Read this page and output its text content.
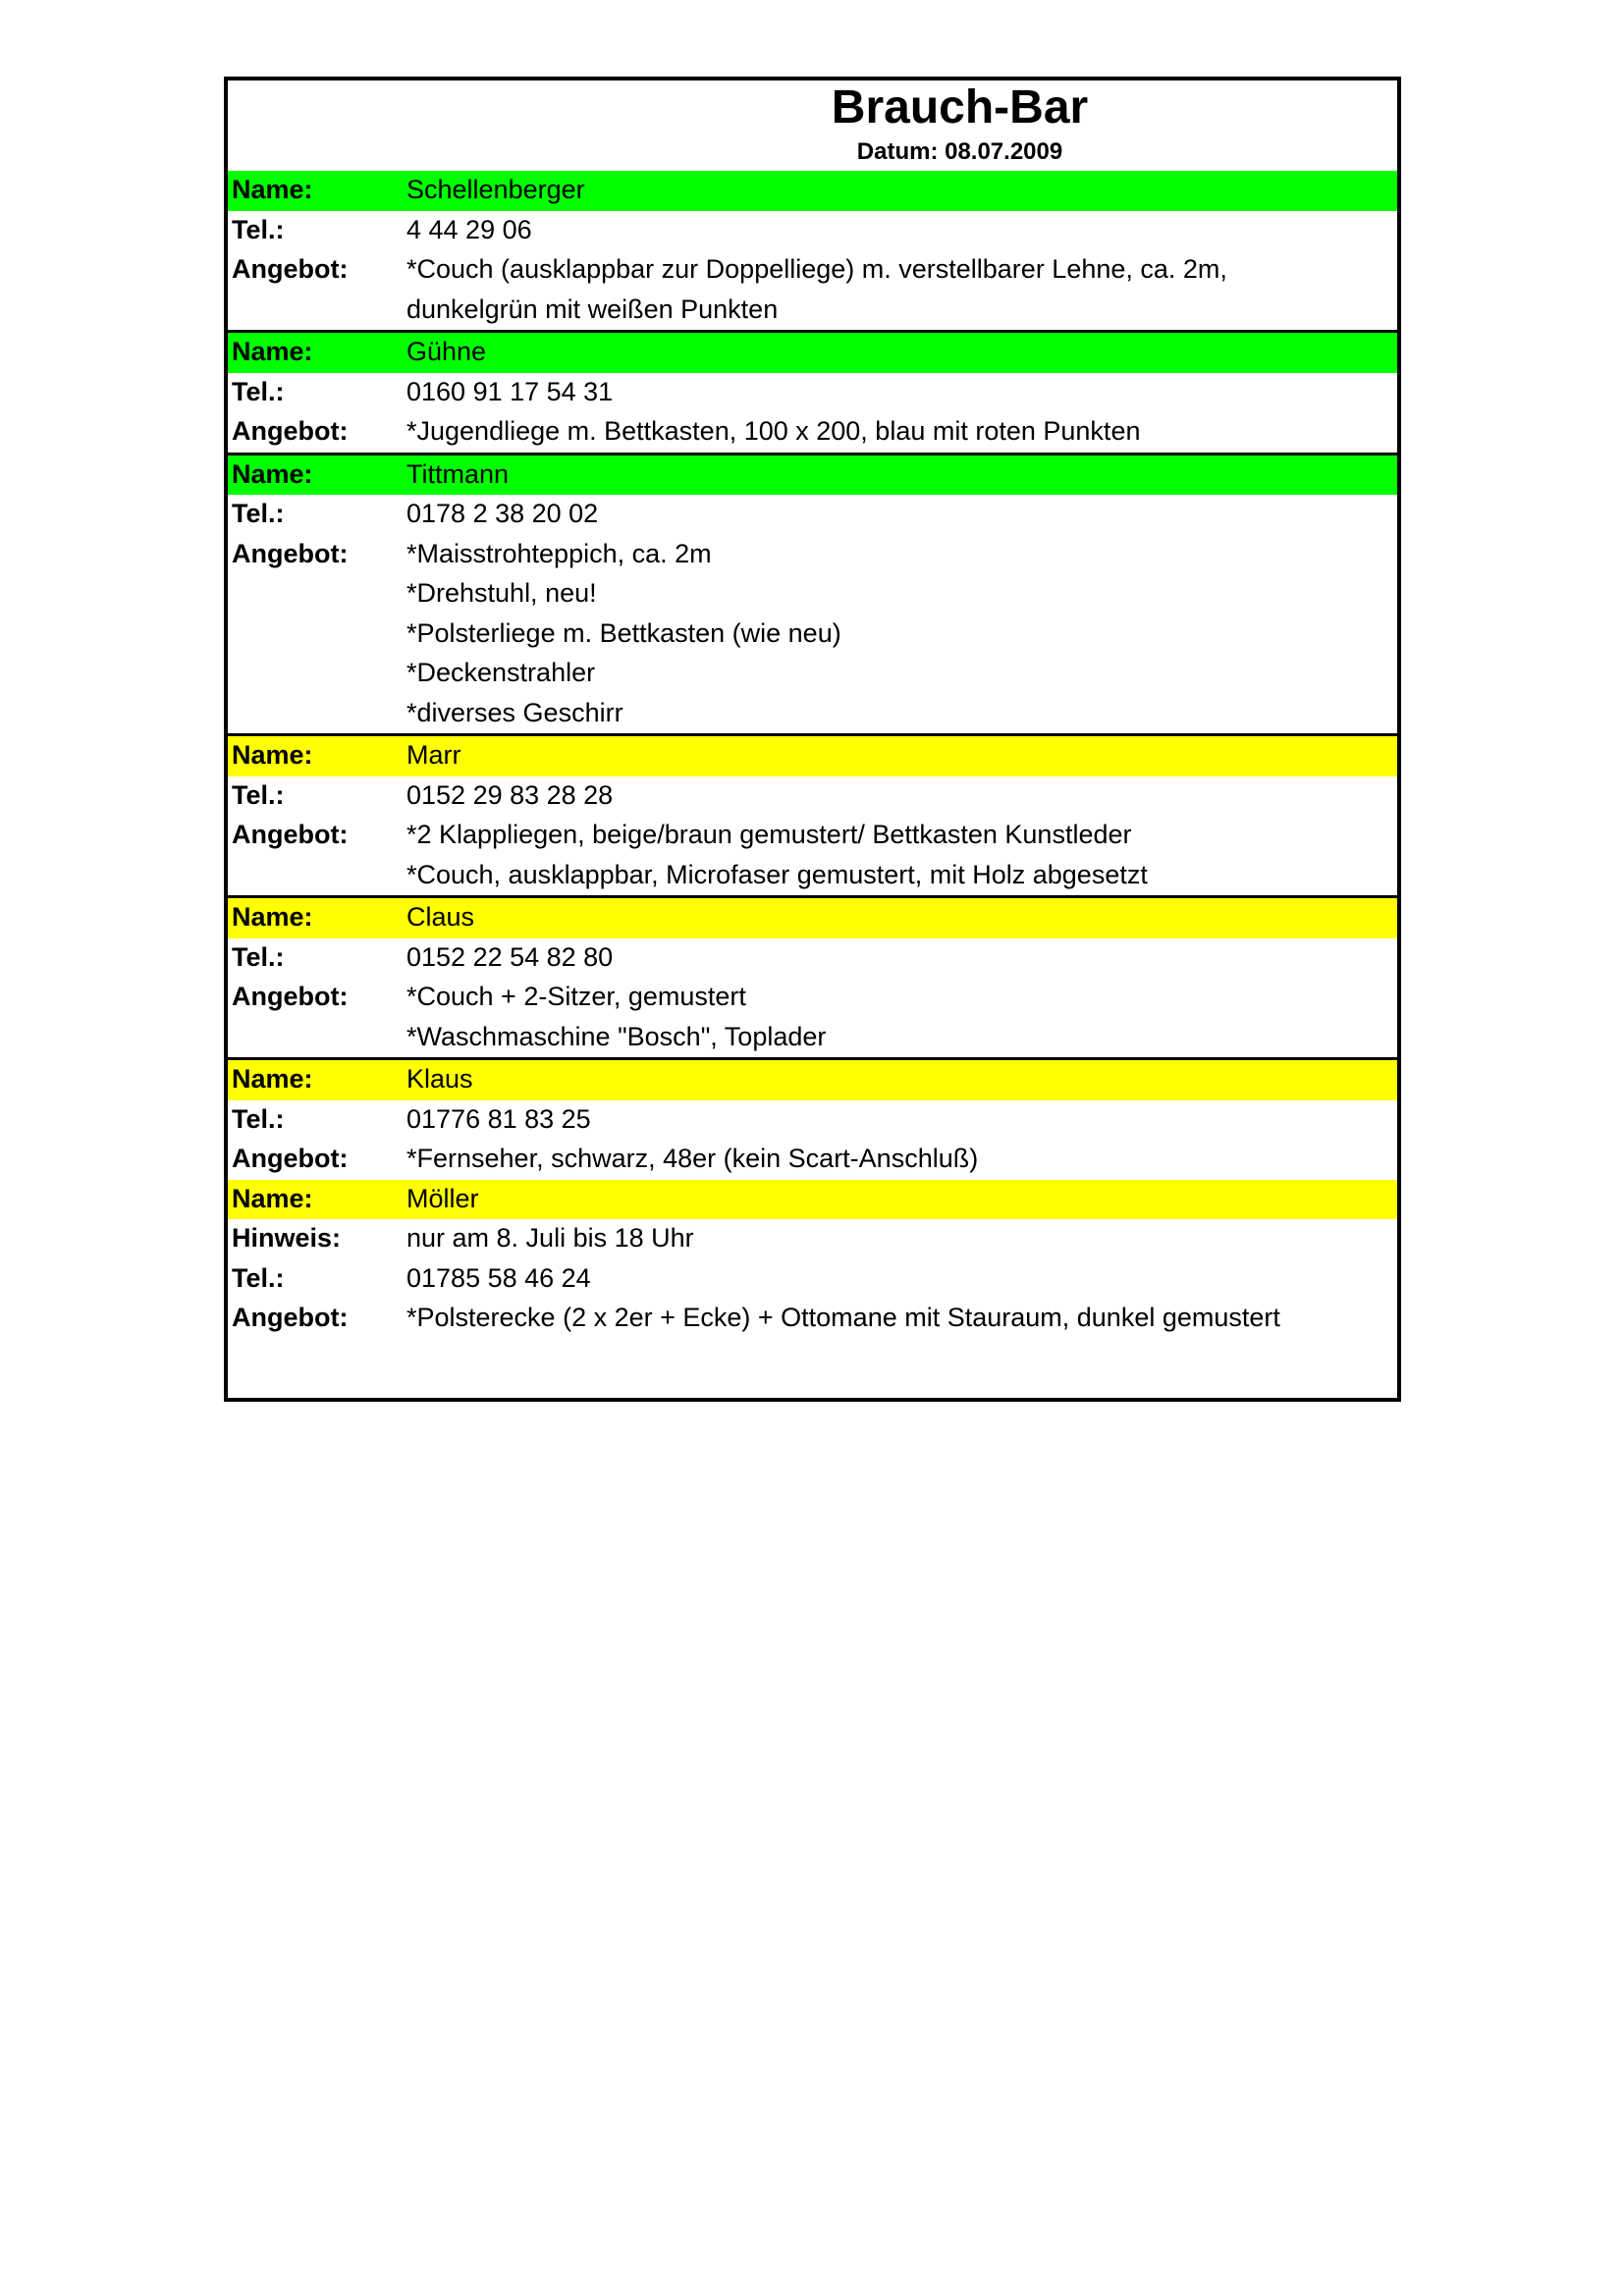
Brauch-Bar
Datum: 08.07.2009
Name:	Schellenberger
Tel.:	4 44 29 06
Angebot:	*Couch (ausklappbar zur Doppelliege) m. verstellbarer Lehne, ca. 2m,
dunkelgrün mit weißen Punkten
Name:	Gühne
Tel.:	0160 91 17 54 31
Angebot:	*Jugendliege m. Bettkasten, 100 x 200, blau mit roten Punkten
Name:	Tittmann
Tel.:	0178 2 38 20 02
Angebot:	*Maisstrohteppich, ca. 2m
*Drehstuhl, neu!
*Polsterliege m. Bettkasten (wie neu)
*Deckenstrahler
*diverses Geschirr
Name:	Marr
Tel.:	0152 29 83 28 28
Angebot:	*2 Klappliegen, beige/braun gemustert/ Bettkasten Kunstleder
*Couch, ausklappbar, Microfaser gemustert, mit Holz abgesetzt
Name:	Claus
Tel.:	0152 22 54 82 80
Angebot:	*Couch + 2-Sitzer, gemustert
*Waschmaschine "Bosch", Toplader
Name:	Klaus
Tel.:	01776 81 83 25
Angebot:	*Fernseher, schwarz, 48er (kein Scart-Anschluß)
Name:	Möller
Hinweis:	nur am 8. Juli bis 18 Uhr
Tel.:	01785 58 46 24
Angebot:	*Polsterecke (2 x 2er + Ecke) + Ottomane mit Stauraum, dunkel gemustert
